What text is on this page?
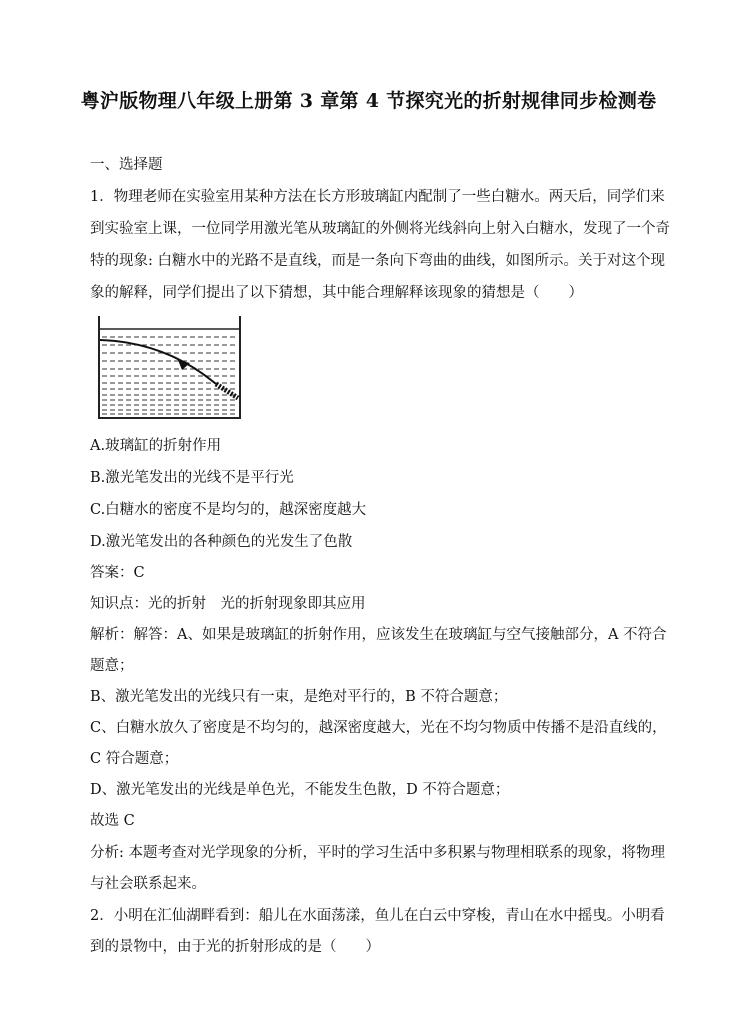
粤沪版物理八年级上册第 3 章第 4 节探究光的折射规律同步检测卷
一、选择题
1．物理老师在实验室用某种方法在长方形玻璃缸内配制了一些白糖水。两天后，同学们来
到实验室上课，一位同学用激光笔从玻璃缸的外侧将光线斜向上射入白糖水，发现了一个奇
特的现象: 白糖水中的光路不是直线，而是一条向下弯曲的曲线，如图所示。关于对这个现
象的解释，同学们提出了以下猜想，其中能合理解释该现象的猜想是（　　）
A.玻璃缸的折射作用
B.激光笔发出的光线不是平行光
C.白糖水的密度不是均匀的，越深密度越大
D.激光笔发出的各种颜色的光发生了色散
答案：C
知识点：光的折射　光的折射现象即其应用
解析：解答：A、如果是玻璃缸的折射作用，应该发生在玻璃缸与空气接触部分，A 不符合
题意；
B、激光笔发出的光线只有一束，是绝对平行的，B 不符合题意；
C、白糖水放久了密度是不均匀的，越深密度越大，光在不均匀物质中传播不是沿直线的，
C 符合题意；
D、激光笔发出的光线是单色光，不能发生色散，D 不符合题意；
故选 C
分析: 本题考查对光学现象的分析，平时的学习生活中多积累与物理相联系的现象，将物理
与社会联系起来。
2．小明在汇仙湖畔看到：船儿在水面荡漾，鱼儿在白云中穿梭，青山在水中摇曳。小明看
到的景物中，由于光的折射形成的是（　　）
